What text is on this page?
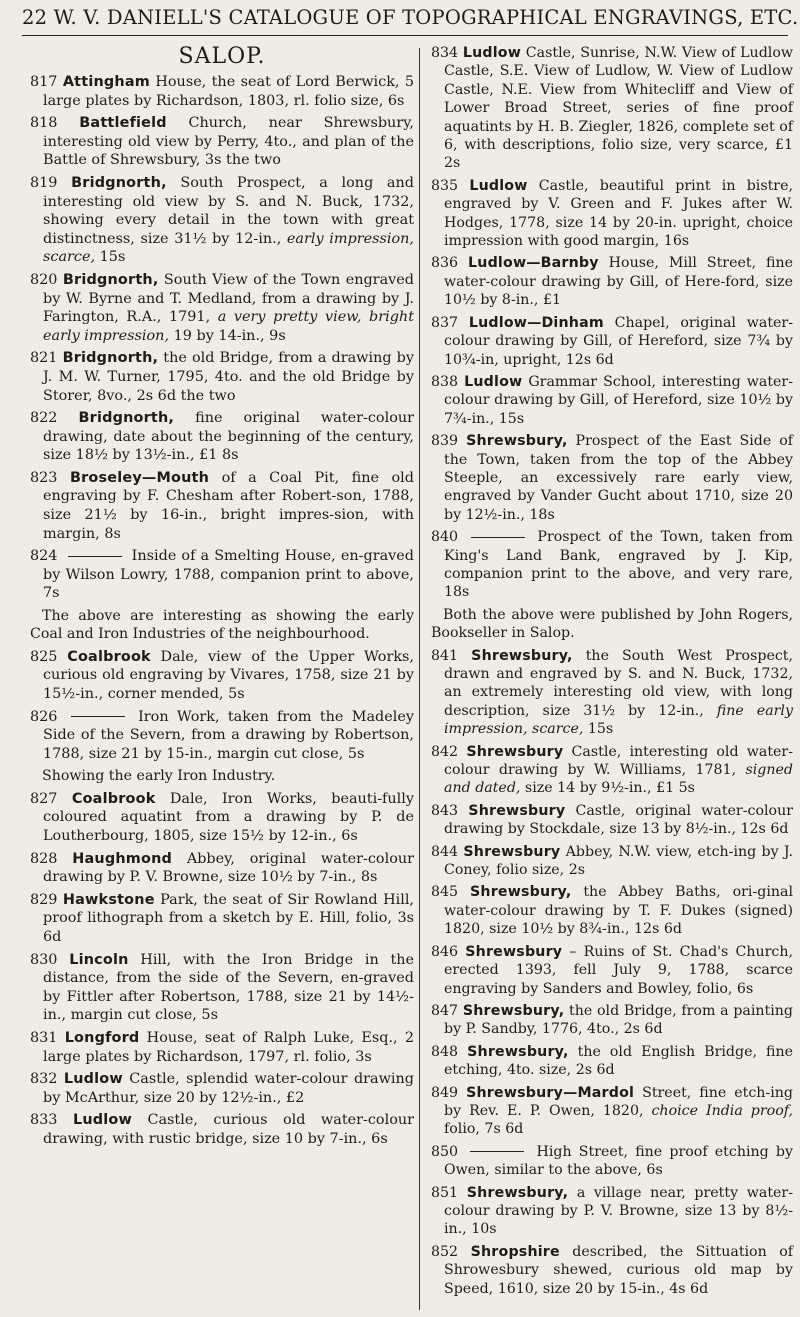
22 W. V. DANIELL'S CATALOGUE OF TOPOGRAPHICAL ENGRAVINGS, ETC.
SALOP.

817 Attingham House, the seat of Lord Berwick, 5 large plates by Richardson, 1803, rl. folio size, 6s

818 Battlefield Church, near Shrewsbury, interesting old view by Perry, 4to., and plan of the Battle of Shrewsbury, 3s the two

819 Bridgnorth, South Prospect, a long and interesting old view by S. and N. Buck, 1732, showing every detail in the town with great distinctness, size 31½ by 12-in., early impression, scarce, 15s

820 Bridgnorth, South View of the Town engraved by W. Byrne and T. Medland, from a drawing by J. Farington, R.A., 1791, a very pretty view, bright early impression, 19 by 14-in., 9s

821 Bridgnorth, the old Bridge, from a drawing by J. M. W. Turner, 1795, 4to. and the old Bridge by Storer, 8vo., 2s 6d the two

822 Bridgnorth, fine original water-colour drawing, date about the beginning of the century, size 18½ by 13½-in., £1 8s

823 Broseley—Mouth of a Coal Pit, fine old engraving by F. Chesham after Robert-son, 1788, size 21½ by 16-in., bright impres-sion, with margin, 8s

824	Inside of a Smelting House, en-graved by Wilson Lowry, 1788, companion print to above, 7s

The above are interesting as showing the early Coal and Iron Industries of the neighbourhood.

825 Coalbrook Dale, view of the Upper Works, curious old engraving by Vivares, 1758, size 21 by 15½-in., corner mended, 5s

826	Iron Work, taken from the Madeley Side of the Severn, from a drawing by Robertson, 1788, size 21 by 15-in., margin cut close, 5s

Showing the early Iron Industry.

827 Coalbrook Dale, Iron Works, beauti-fully coloured aquatint from a drawing by P. de Loutherbourg, 1805, size 15½ by 12-in., 6s

828 Haughmond Abbey, original water-colour drawing by P. V. Browne, size 10½ by 7-in., 8s

829 Hawkstone Park, the seat of Sir Rowland Hill, proof lithograph from a sketch by E. Hill, folio, 3s 6d

830 Lincoln Hill, with the Iron Bridge in the distance, from the side of the Severn, en-graved by Fittler after Robertson, 1788, size 21 by 14½-in., margin cut close, 5s

831 Longford House, seat of Ralph Luke, Esq., 2 large plates by Richardson, 1797, rl. folio, 3s

832 Ludlow Castle, splendid water-colour drawing by McArthur, size 20 by 12½-in., £2

833 Ludlow Castle, curious old water-colour drawing, with rustic bridge, size 10 by 7-in., 6s

834 Ludlow Castle, Sunrise, N.W. View of Ludlow Castle, S.E. View of Ludlow, W. View of Ludlow Castle, N.E. View from Whitecliff and View of Lower Broad Street, series of fine proof aquatints by H. B. Ziegler, 1826, complete set of 6, with descriptions, folio size, very scarce, £1 2s

835 Ludlow Castle, beautiful print in bistre, engraved by V. Green and F. Jukes after W. Hodges, 1778, size 14 by 20-in. upright, choice impression with good margin, 16s

836 Ludlow—Barnby House, Mill Street, fine water-colour drawing by Gill, of Here-ford, size 10½ by 8-in., £1

837 Ludlow—Dinham Chapel, original water-colour drawing by Gill, of Hereford, size 7¾ by 10¾-in, upright, 12s 6d

838 Ludlow Grammar School, interesting water-colour drawing by Gill, of Hereford, size 10½ by 7¾-in., 15s

839 Shrewsbury, Prospect of the East Side of the Town, taken from the top of the Abbey Steeple, an excessively rare early view, engraved by Vander Gucht about 1710, size 20 by 12½-in., 18s

840	Prospect of the Town, taken from King's Land Bank, engraved by J. Kip, companion print to the above, and very rare, 18s

Both the above were published by John Rogers, Bookseller in Salop.

841 Shrewsbury, the South West Prospect, drawn and engraved by S. and N. Buck, 1732, an extremely interesting old view, with long description, size 31½ by 12-in., fine early impression, scarce, 15s

842 Shrewsbury Castle, interesting old water-colour drawing by W. Williams, 1781, signed and dated, size 14 by 9½-in., £1 5s

843 Shrewsbury Castle, original water-colour drawing by Stockdale, size 13 by 8½-in., 12s 6d

844 Shrewsbury Abbey, N.W. view, etch-ing by J. Coney, folio size, 2s

845 Shrewsbury, the Abbey Baths, ori-ginal water-colour drawing by T. F. Dukes (signed) 1820, size 10½ by 8¾-in., 12s 6d

846 Shrewsbury – Ruins of St. Chad's Church, erected 1393, fell July 9, 1788, scarce engraving by Sanders and Bowley, folio, 6s

847 Shrewsbury, the old Bridge, from a painting by P. Sandby, 1776, 4to., 2s 6d

848 Shrewsbury, the old English Bridge, fine etching, 4to. size, 2s 6d

849 Shrewsbury—Mardol Street, fine etch-ing by Rev. E. P. Owen, 1820, choice India proof, folio, 7s 6d

850	High Street, fine proof etching by Owen, similar to the above, 6s

851 Shrewsbury, a village near, pretty water-colour drawing by P. V. Browne, size 13 by 8½-in., 10s

852 Shropshire described, the Sittuation of Shrowesbury shewed, curious old map by Speed, 1610, size 20 by 15-in., 4s 6d
